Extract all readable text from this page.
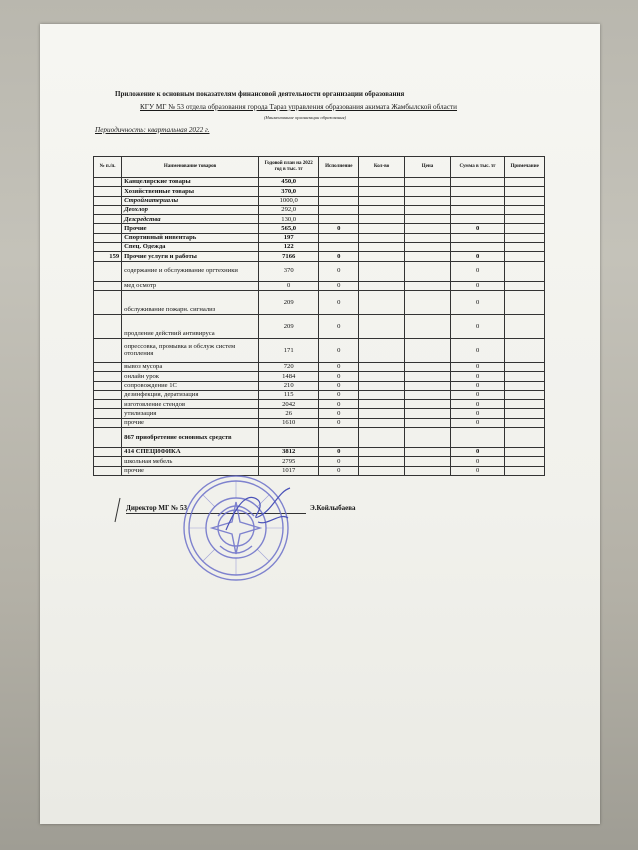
Приложение к основным показателям финансовой деятельности организации образования
КГУ МГ № 53 отдела образования города Тараз управления образования акимата Жамбылской области
(Наименование организации образования)
Периодичность: квартальная 2022 г.
№ п./п.	Наименование товаров	Годовой план на 2022 год в тыс. тг	Исполнение	Кол-во	Цена	Сумма в тыс. тг	Примечание
	Канцелярские товары	450,0					
	Хозяйственные товары	370,0					
	Стройматериалы	1000,0					
	Деохлор	292,0					
	Дезсредства	130,0					
	Прочие	565,0	0			0	
	Спортивный инвентарь	197					
	Спец. Одежда	122					
159	Прочие услуги и работы	7166	0			0	
	содержание и обслуживание оргтехники	370	0			0	
	мед осмотр	0	0			0	
	обслуживание пожарн. сигнализ	209	0			0	
	продление действий антивируса	209	0			0	
	опрессовка, промывка и обслуж систем отопления	171	0			0	
	вывоз мусора	720	0			0	
	онлайн урок	1484	0			0	
	сопровождение 1С	210	0			0	
	дезинфекция, дератизация	115	0			0	
	изготовление стендов	2042	0			0	
	утилизация	26	0			0	
	прочие	1610	0			0	
	867 приобретение основных средств						
	414 СПЕЦИФИКА	3812	0			0	
	школьная мебель	2795	0			0	
	прочие	1017	0			0	
Директор МГ № 53	Э.Койлыбаева
